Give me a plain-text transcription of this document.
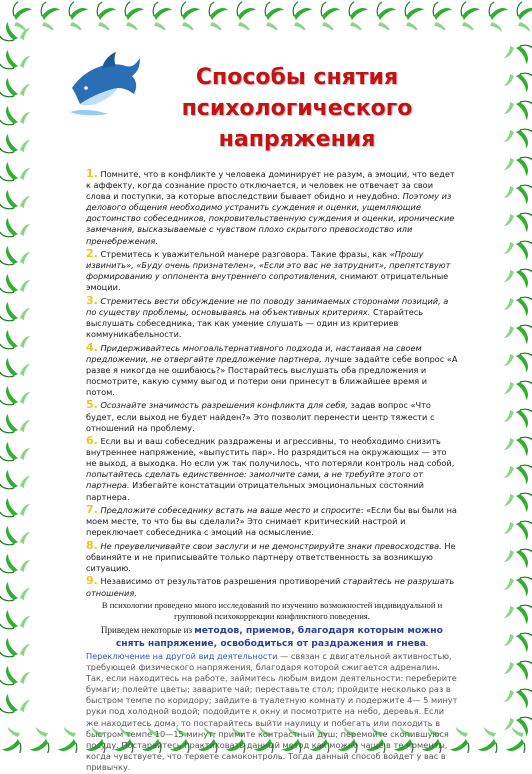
Способы снятия
психологического
напряжения
1. Помните, что в конфликте у человека доминирует не разум, а эмоции, что ведет к аффекту, когда сознание просто отключается, и человек не отвечает за свои слова и поступки, за которые впоследствии бывает обидно и неудобно. Поэтому из делового общения необходимо устранить суждения и оценки, ущемляющие достоинство собеседников, покровительственную суждения и оценки, иронические замечания, высказываемые с чувством плохо скрытого превосходство или пренебрежения.
2. Стремитесь к уважительной манере разговора. Такие фразы, как «Прошу извинить», «Буду очень признателен», «Если это вас не затруднит», препятствуют формированию у оппонента внутреннего сопротивления, снимают отрицательные эмоции.
3. Стремитесь вести обсуждение не по поводу занимаемых сторонами позиций, а по существу проблемы, основываясь на объективных критериях. Старайтесь выслушать собеседника, так как умение слушать — один из критериев коммуникабельности.
4. Придерживайтесь многоальтернативного подхода и, настаивая на своем предложении, не отвергайте предложение партнера, лучше задайте себе вопрос «А разве я никогда не ошибаюсь?» Постарайтесь выслушать оба предложения и посмотрите, какую сумму выгод и потери они принесут в ближайшее время и потом.
5. Осознайте значимость разрешения конфликта для себя, задав вопрос «Что будет, если выход не будет найден?» Это позволит перенести центр тяжести с отношений на проблему.
6. Если вы и ваш собеседник раздражены и агрессивны, то необходимо снизить внутреннее напряжение, «выпустить пар». Но разрядиться на окружающих — это не выход, а выходка. Но если уж так получилось, что потеряли контроль над собой, попытайтесь сделать единственное: замолчите сами, а не требуйте этого от партнера. Избегайте констатации отрицательных эмоциональных состояний партнера.
7. Предложите собеседнику встать на ваше место и спросите: «Если бы вы были на моем месте, то что бы вы сделали?» Это снимает критический настрой и переключает собеседника с эмоций на осмысление.
8. Не преувеличивайте свои заслуги и не демонстрируйте знаки превосходства. Не обвиняйте и не приписывайте только партнеру ответственность за возникшую ситуацию.
9. Независимо от результатов разрешения противоречий старайтесь не разрушать отношения.
В психологии проведено много исследований по изучению возможностей индивидуальной и групповой психокоррекции конфликтного поведения.
Приведем некоторые из методов, приемов, благодаря которым можно снять напряжение, освободиться от раздражения и гнева.
Переключение на другой вид деятельности — связан с двигательной активностью, требующей физического напряжения, благодаря которой сжигается адреналин. Так, если находитесь на работе, займитесь любым видом деятельности: переберите бумаги; полейте цветы; заварите чай; переставьте стол; пройдите несколько раз в быстром темпе по коридору; зайдите в туалетную комнату и подержите 4— 5 минут руки под холодной водой; подойдите к окну и посмотрите на небо, деревья. Если же находитесь дома, то постарайтесь выйти наулицу и побегать или походить в быстром темпе 10—15 минут; примите контрастный душ; перемойте скопившуюся посуду. Постарайтесь практиковать данный метод как можно чаще в те моменты, когда чувствуете, что теряете самоконтроль. Тогда данный способ войдет у вас в привычку.
